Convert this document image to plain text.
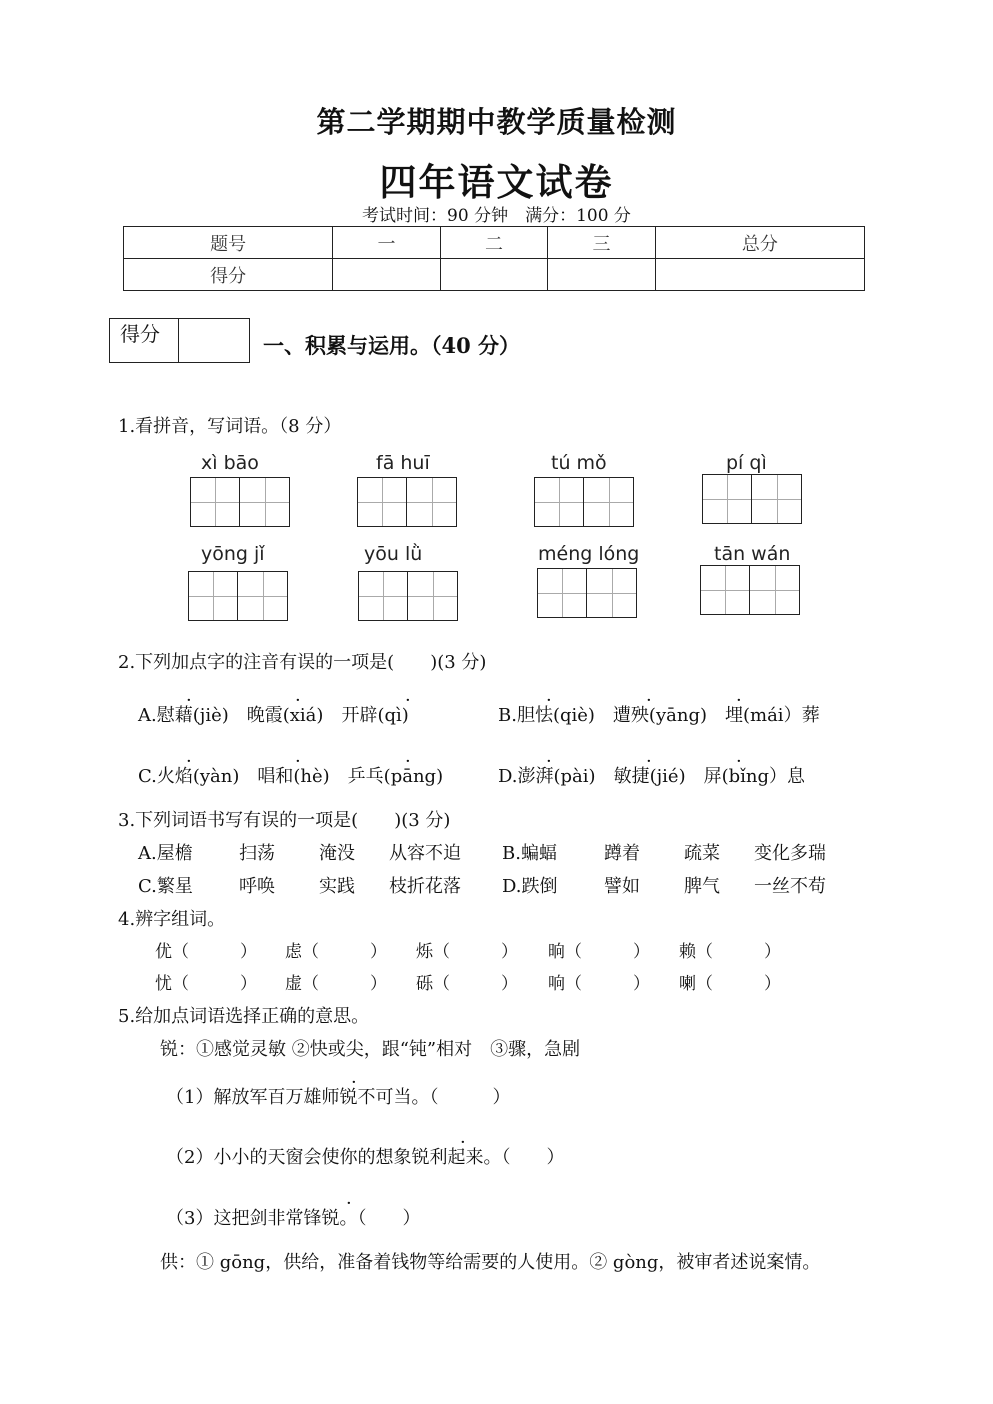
第二学期期中教学质量检测
四年语文试卷
考试时间：90 分钟　满分：100 分
题号	一	二	三	总分
得分				
得分	一、积累与运用。（40 分）
1.看拼音，写词语。（8 分）
xì bāo	fā huī	tú mǒ	pí qì
yōng jǐ	yōu lǜ	méng lóng	tān wán
2.下列加点字的注音有误的一项是(　　)(3 分)
A.慰藉(jiè)　晚霞(xiá)　开辟(qì)	B.胆怯(qiè)　遭殃(yāng)　埋(mái）葬
C.火焰(yàn)　唱和(hè)　乒乓(pāng)	D.澎湃(pài)　敏捷(jié)　屏(bǐng）息
·	·	·	·	·	·
·	·	·	·	·	·
3.下列词语书写有误的一项是(　　)(3 分)
A.屋檐	扫荡 淹没 从容不迫 B.蝙蝠	蹲着 疏菜 变化多瑞
C.繁星	呼唤 实践 枝折花落 D.跌倒	譬如 脾气 一丝不苟
4.辨字组词。
优（　　　） 虑（　　　） 烁（　　　） 晌（　　　） 赖（　　　）
忧（　　　） 虚（　　　） 砾（　　　） 响（　　　） 喇（　　　）
5.给加点词语选择正确的意思。
锐：①感觉灵敏 ②快或尖，跟“钝”相对　③骤，急剧
（1）解放军百万雄师锐不可当。（　　　）
（2）小小的天窗会使你的想象锐利起来。（　　）
（3）这把剑非常锋锐。（　　）
供：① gōng，供给，准备着钱物等给需要的人使用。② gòng，被审者述说案情。
·
·
·
